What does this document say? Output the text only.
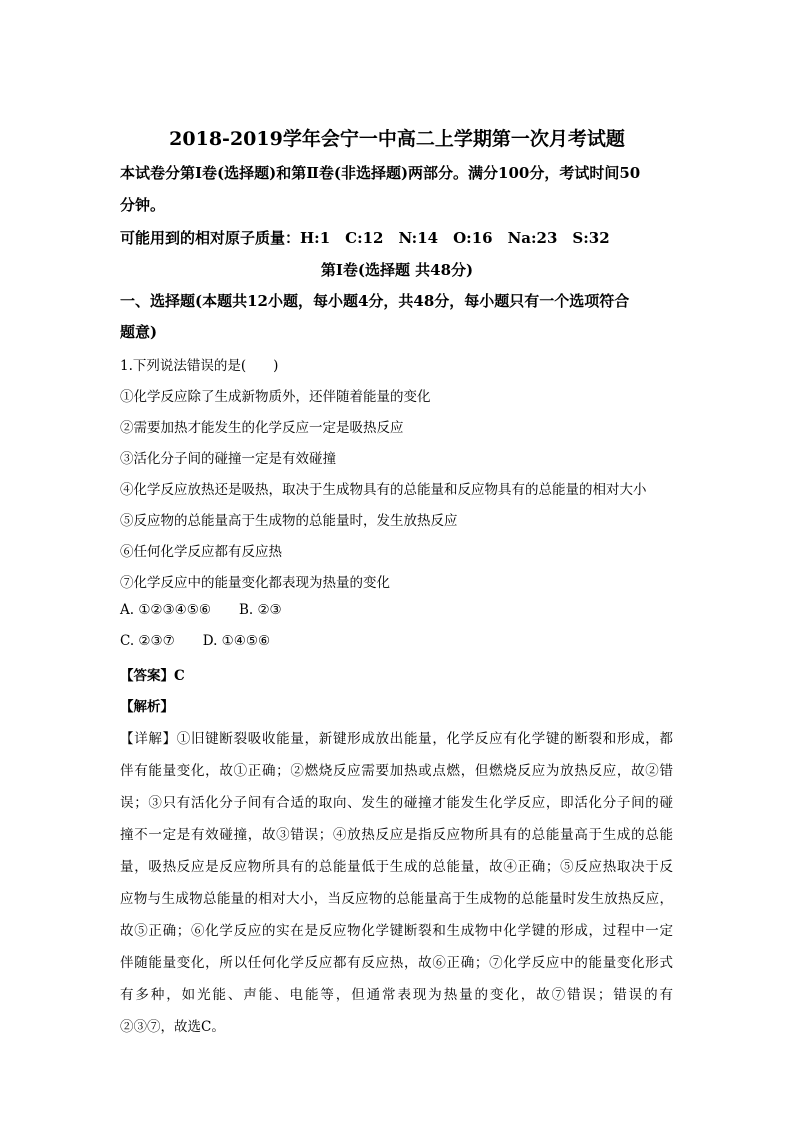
2018-2019学年会宁一中高二上学期第一次月考试题
本试卷分第Ⅰ卷(选择题)和第Ⅱ卷(非选择题)两部分。满分100分，考试时间50
分钟。
可能用到的相对原子质量：H:1　C:12　N:14　O:16　Na:23　S:32
第Ⅰ卷(选择题 共48分)
一、选择题(本题共12小题，每小题4分，共48分，每小题只有一个选项符合
题意)
1.下列说法错误的是(　　)
①化学反应除了生成新物质外，还伴随着能量的变化
②需要加热才能发生的化学反应一定是吸热反应
③活化分子间的碰撞一定是有效碰撞
④化学反应放热还是吸热，取决于生成物具有的总能量和反应物具有的总能量的相对大小
⑤反应物的总能量高于生成物的总能量时，发生放热反应
⑥任何化学反应都有反应热
⑦化学反应中的能量变化都表现为热量的变化
A. ①②③④⑤⑥ B. ②③
C. ②③⑦ D. ①④⑤⑥
【答案】C
【解析】
【详解】①旧键断裂吸收能量，新键形成放出能量，化学反应有化学键的断裂和形成，都
伴有能量变化，故①正确；②燃烧反应需要加热或点燃，但燃烧反应为放热反应，故②错
误；③只有活化分子间有合适的取向、发生的碰撞才能发生化学反应，即活化分子间的碰
撞不一定是有效碰撞，故③错误；④放热反应是指反应物所具有的总能量高于生成的总能
量，吸热反应是反应物所具有的总能量低于生成的总能量，故④正确；⑤反应热取决于反
应物与生成物总能量的相对大小，当反应物的总能量高于生成物的总能量时发生放热反应，
故⑤正确；⑥化学反应的实在是反应物化学键断裂和生成物中化学键的形成，过程中一定
伴随能量变化，所以任何化学反应都有反应热，故⑥正确；⑦化学反应中的能量变化形式
有多种，如光能、声能、电能等，但通常表现为热量的变化，故⑦错误；错误的有
②③⑦，故选C。
